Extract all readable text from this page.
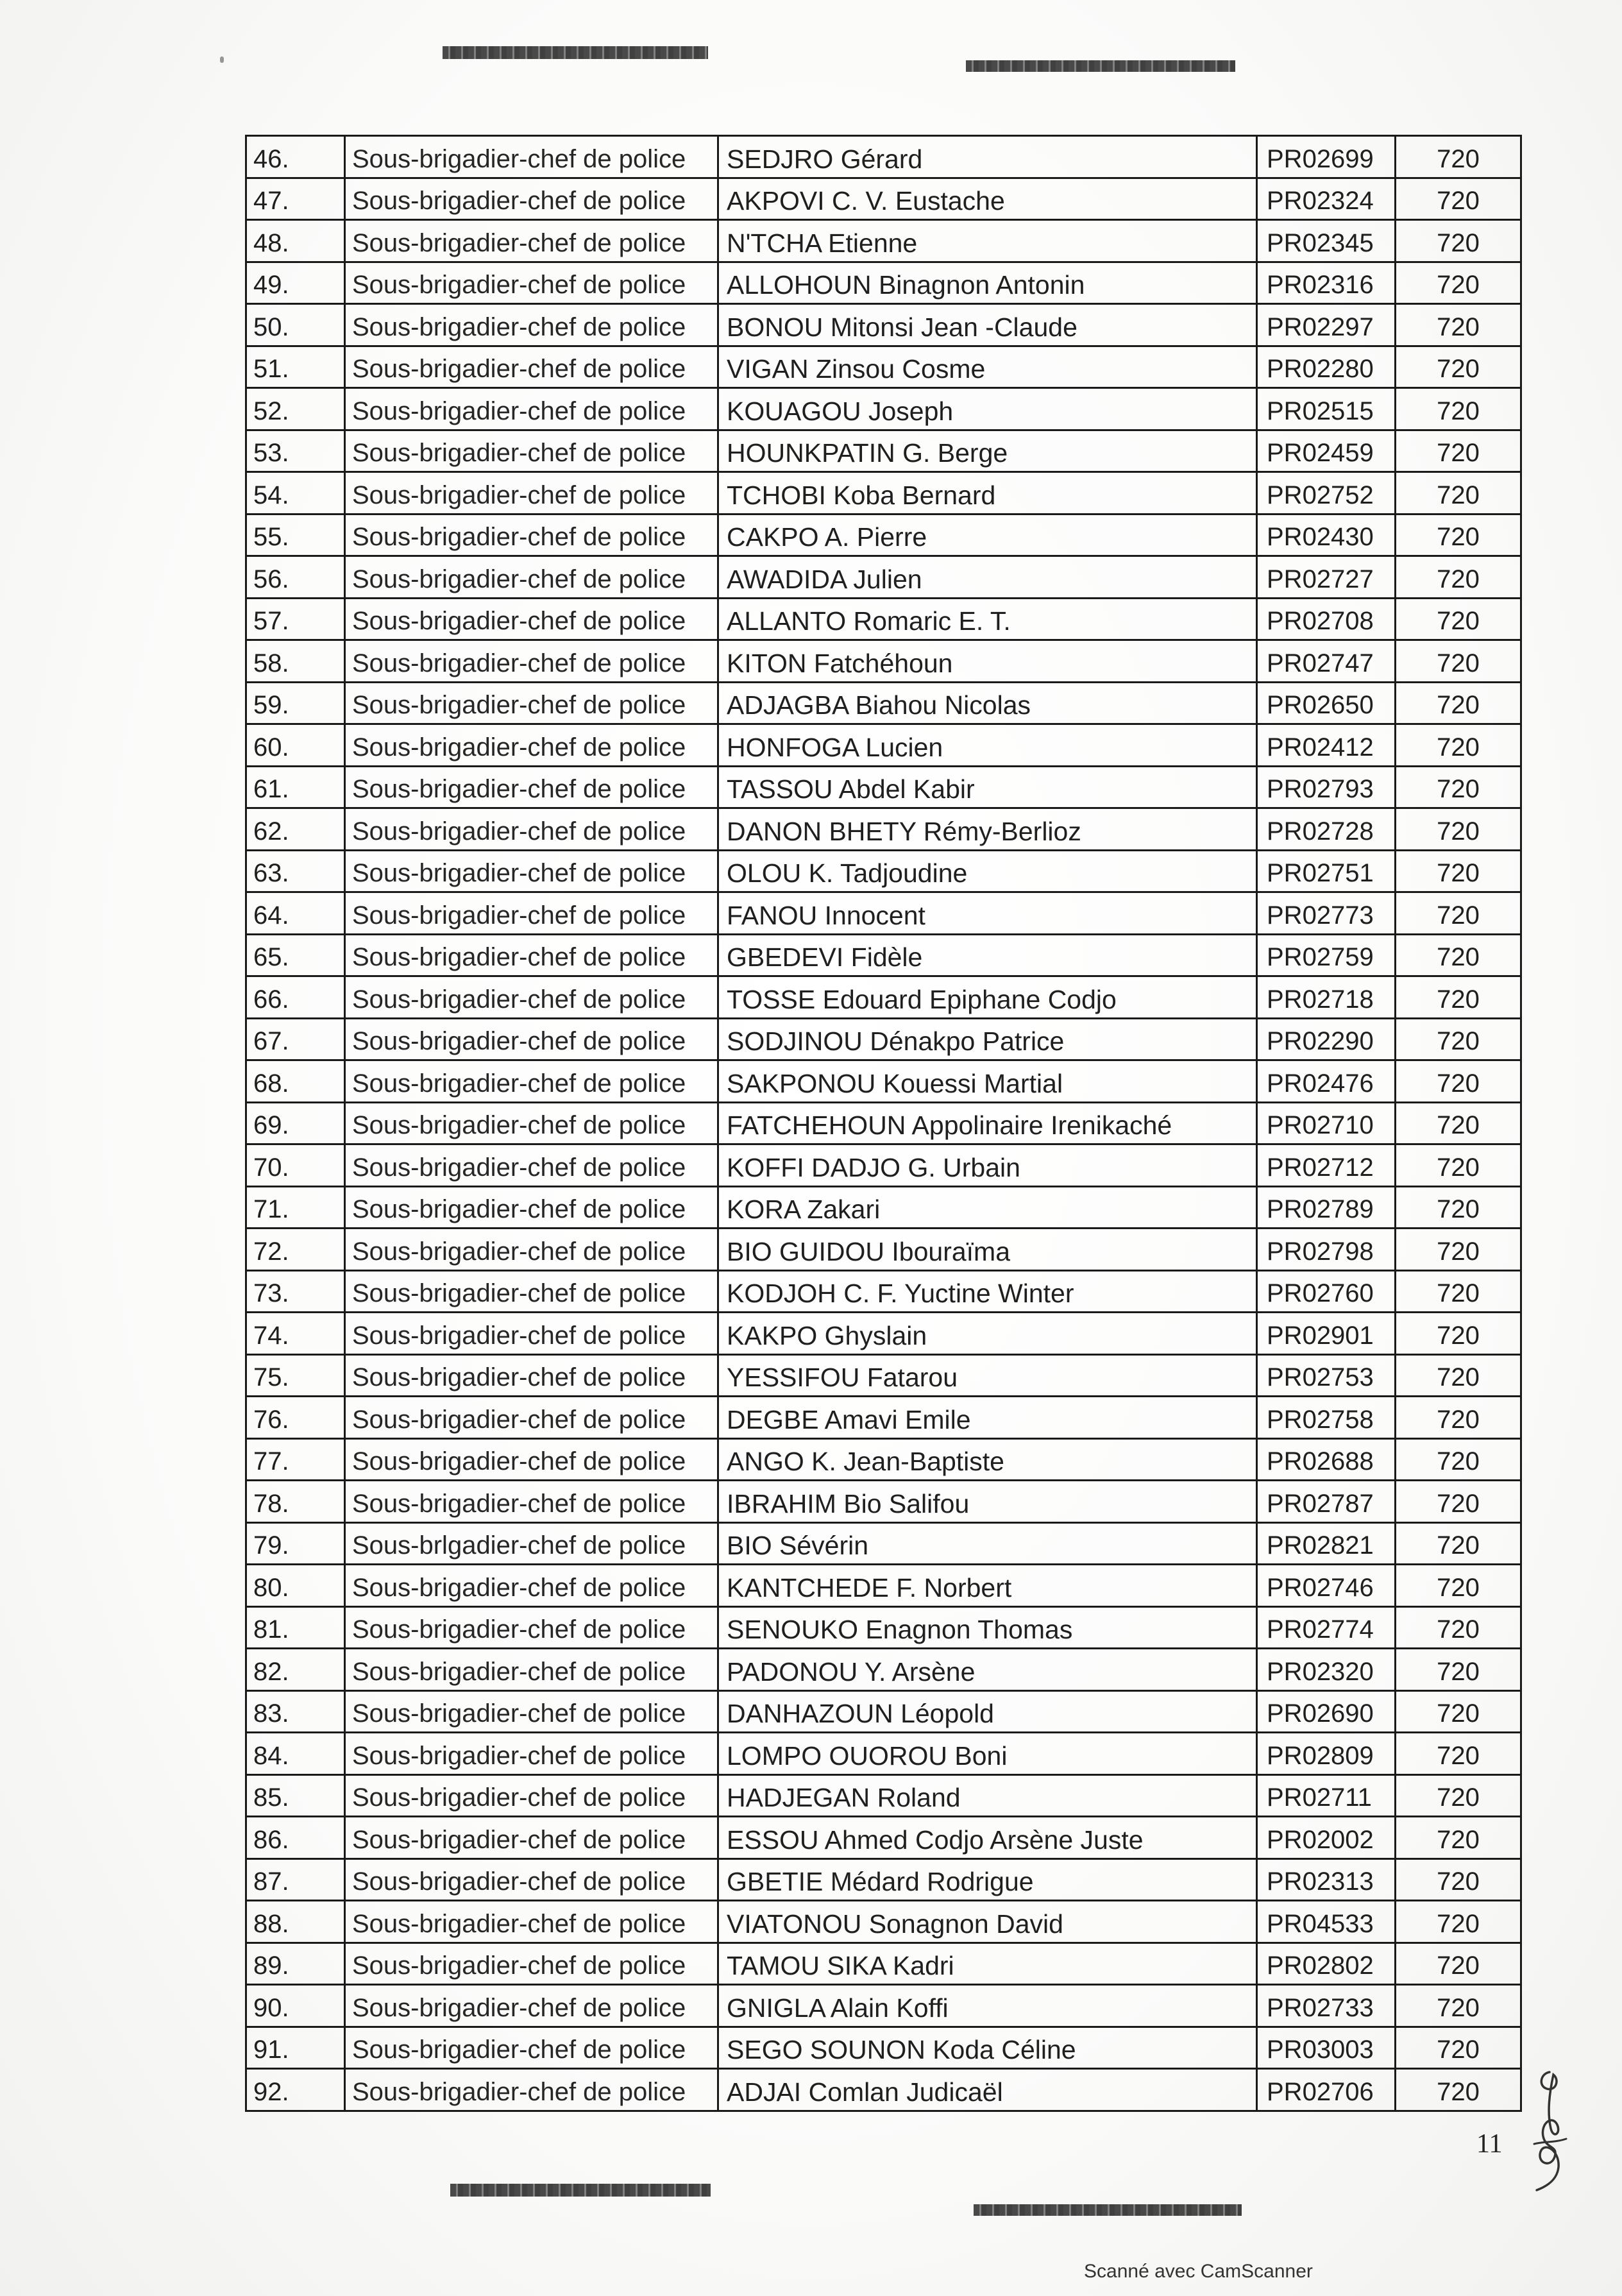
46.	Sous-brigadier-chef de police	SEDJRO Gérard	PR02699	720
47.	Sous-brigadier-chef de police	AKPOVI C. V. Eustache	PR02324	720
48.	Sous-brigadier-chef de police	N'TCHA Etienne	PR02345	720
49.	Sous-brigadier-chef de police	ALLOHOUN Binagnon Antonin	PR02316	720
50.	Sous-brigadier-chef de police	BONOU Mitonsi Jean -Claude	PR02297	720
51.	Sous-brigadier-chef de police	VIGAN Zinsou Cosme	PR02280	720
52.	Sous-brigadier-chef de police	KOUAGOU Joseph	PR02515	720
53.	Sous-brigadier-chef de police	HOUNKPATIN G. Berge	PR02459	720
54.	Sous-brigadier-chef de police	TCHOBI Koba Bernard	PR02752	720
55.	Sous-brigadier-chef de police	CAKPO A. Pierre	PR02430	720
56.	Sous-brigadier-chef de police	AWADIDA Julien	PR02727	720
57.	Sous-brigadier-chef de police	ALLANTO Romaric E. T.	PR02708	720
58.	Sous-brigadier-chef de police	KITON Fatchéhoun	PR02747	720
59.	Sous-brigadier-chef de police	ADJAGBA Biahou Nicolas	PR02650	720
60.	Sous-brigadier-chef de police	HONFOGA Lucien	PR02412	720
61.	Sous-brigadier-chef de police	TASSOU Abdel Kabir	PR02793	720
62.	Sous-brigadier-chef de police	DANON BHETY Rémy-Berlioz	PR02728	720
63.	Sous-brigadier-chef de police	OLOU K. Tadjoudine	PR02751	720
64.	Sous-brigadier-chef de police	FANOU Innocent	PR02773	720
65.	Sous-brigadier-chef de police	GBEDEVI Fidèle	PR02759	720
66.	Sous-brigadier-chef de police	TOSSE Edouard Epiphane Codjo	PR02718	720
67.	Sous-brigadier-chef de police	SODJINOU Dénakpo Patrice	PR02290	720
68.	Sous-brigadier-chef de police	SAKPONOU Kouessi Martial	PR02476	720
69.	Sous-brigadier-chef de police	FATCHEHOUN Appolinaire Irenikaché	PR02710	720
70.	Sous-brigadier-chef de police	KOFFI DADJO G. Urbain	PR02712	720
71.	Sous-brigadier-chef de police	KORA Zakari	PR02789	720
72.	Sous-brigadier-chef de police	BIO GUIDOU Ibouraïma	PR02798	720
73.	Sous-brigadier-chef de police	KODJOH C. F. Yuctine Winter	PR02760	720
74.	Sous-brigadier-chef de police	KAKPO Ghyslain	PR02901	720
75.	Sous-brigadier-chef de police	YESSIFOU Fatarou	PR02753	720
76.	Sous-brigadier-chef de police	DEGBE Amavi Emile	PR02758	720
77.	Sous-brigadier-chef de police	ANGO K. Jean-Baptiste	PR02688	720
78.	Sous-brigadier-chef de police	IBRAHIM Bio Salifou	PR02787	720
79.	Sous-brlgadier-chef de police	BIO Sévérin	PR02821	720
80.	Sous-brigadier-chef de police	KANTCHEDE F. Norbert	PR02746	720
81.	Sous-brigadier-chef de police	SENOUKO Enagnon Thomas	PR02774	720
82.	Sous-brigadier-chef de police	PADONOU Y. Arsène	PR02320	720
83.	Sous-brigadier-chef de police	DANHAZOUN Léopold	PR02690	720
84.	Sous-brigadier-chef de police	LOMPO OUOROU Boni	PR02809	720
85.	Sous-brigadier-chef de police	HADJEGAN Roland	PR02711	720
86.	Sous-brigadier-chef de police	ESSOU Ahmed Codjo Arsène Juste	PR02002	720
87.	Sous-brigadier-chef de police	GBETIE Médard Rodrigue	PR02313	720
88.	Sous-brigadier-chef de police	VIATONOU Sonagnon David	PR04533	720
89.	Sous-brigadier-chef de police	TAMOU SIKA Kadri	PR02802	720
90.	Sous-brigadier-chef de police	GNIGLA Alain Koffi	PR02733	720
91.	Sous-brigadier-chef de police	SEGO SOUNON Koda Céline	PR03003	720
92.	Sous-brigadier-chef de police	ADJAI Comlan Judicaël	PR02706	720
11
Scanné avec CamScanner
